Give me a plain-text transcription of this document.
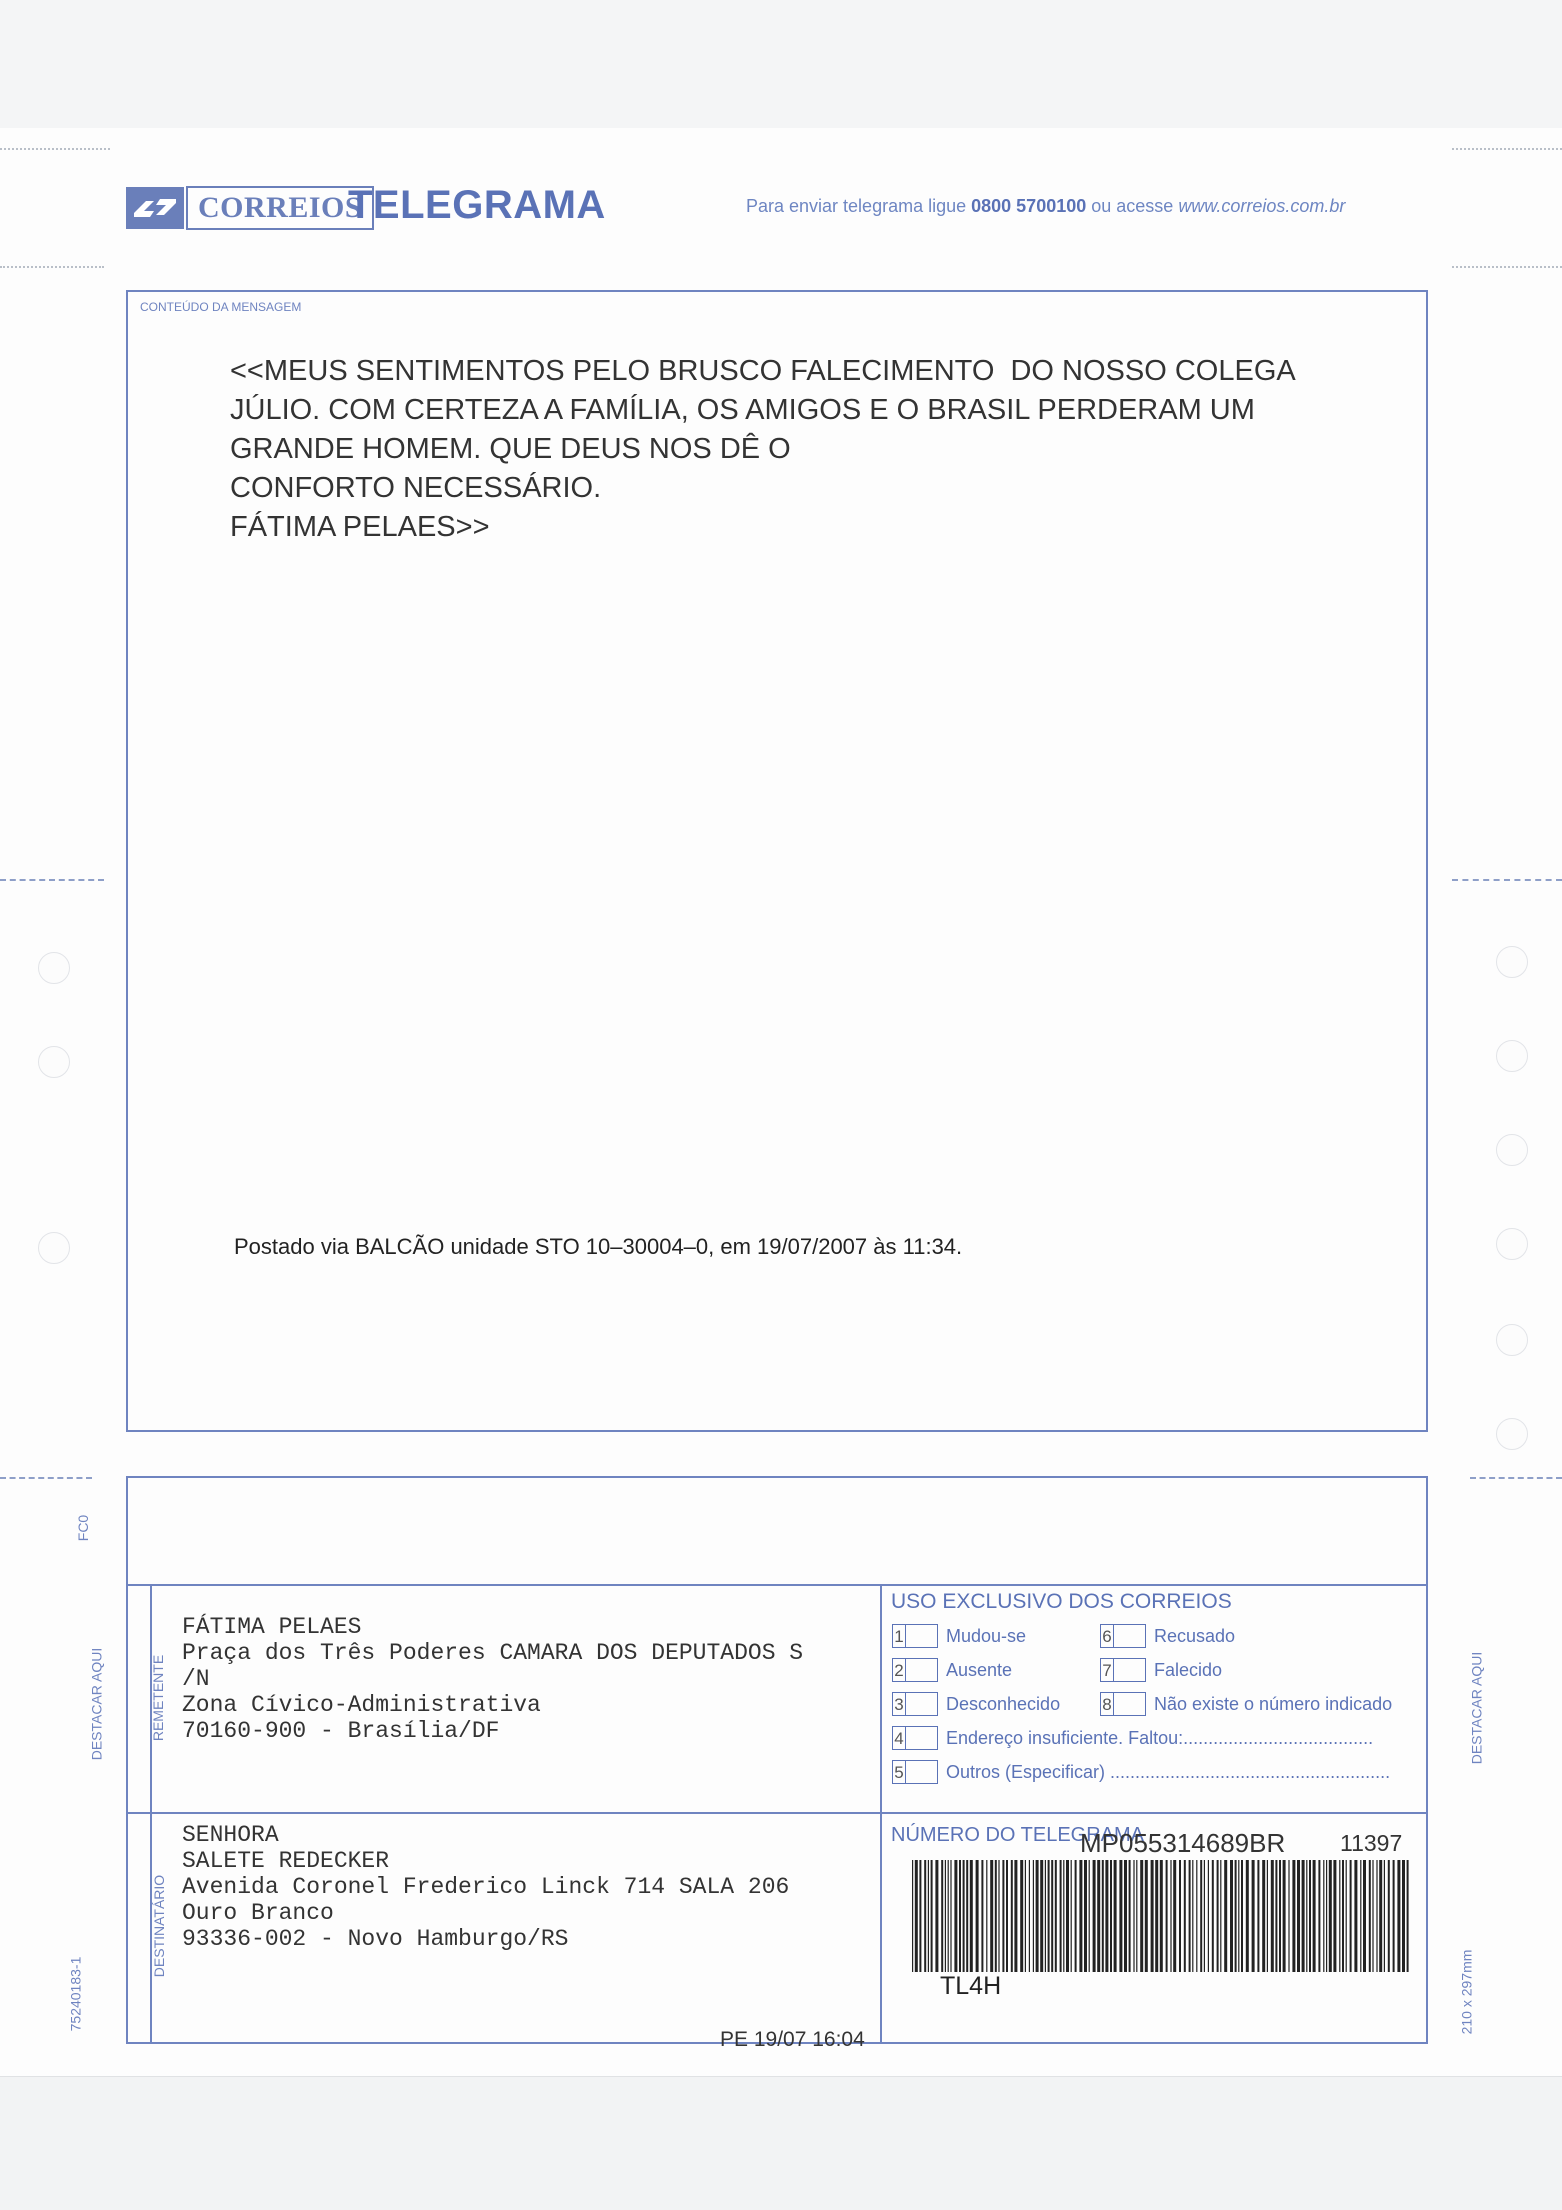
CORREIOS
TELEGRAMA	Para enviar telegrama ligue 0800 5700100 ou acesse www.correios.com.br
CONTEÚDO DA MENSAGEM
<<MEUS SENTIMENTOS PELO BRUSCO FALECIMENTO  DO NOSSO COLEGA
JÚLIO. COM CERTEZA A FAMÍLIA, OS AMIGOS E O BRASIL PERDERAM UM
GRANDE HOMEM. QUE DEUS NOS DÊ O
CONFORTO NECESSÁRIO.
FÁTIMA PELAES>>
Postado via BALCÃO unidade STO 10–30004–0, em 19/07/2007 às 11:34.
REMETENTE
DESTINATÁRIO
FÁTIMA PELAES
Praça dos Três Poderes CAMARA DOS DEPUTADOS S
/N
Zona Cívico-Administrativa
70160-900 - Brasília/DF
SENHORA
SALETE REDECKER
Avenida Coronel Frederico Linck 714 SALA 206
Ouro Branco
93336-002 - Novo Hamburgo/RS
USO EXCLUSIVO DOS CORREIOS
1 Mudou-se
2 Ausente
3 Desconhecido
4 Endereço insuficiente. Faltou:......................................
5 Outros (Especificar) ........................................................
6 Recusado
7 Falecido
8 Não existe o número indicado
NÚMERO DO TELEGRAMA
MP055314689BR 11397
TL4H
PE 19/07 16:04
FC0
DESTACAR AQUI	DESTACAR AQUI
75240183-1	210 x 297mm
